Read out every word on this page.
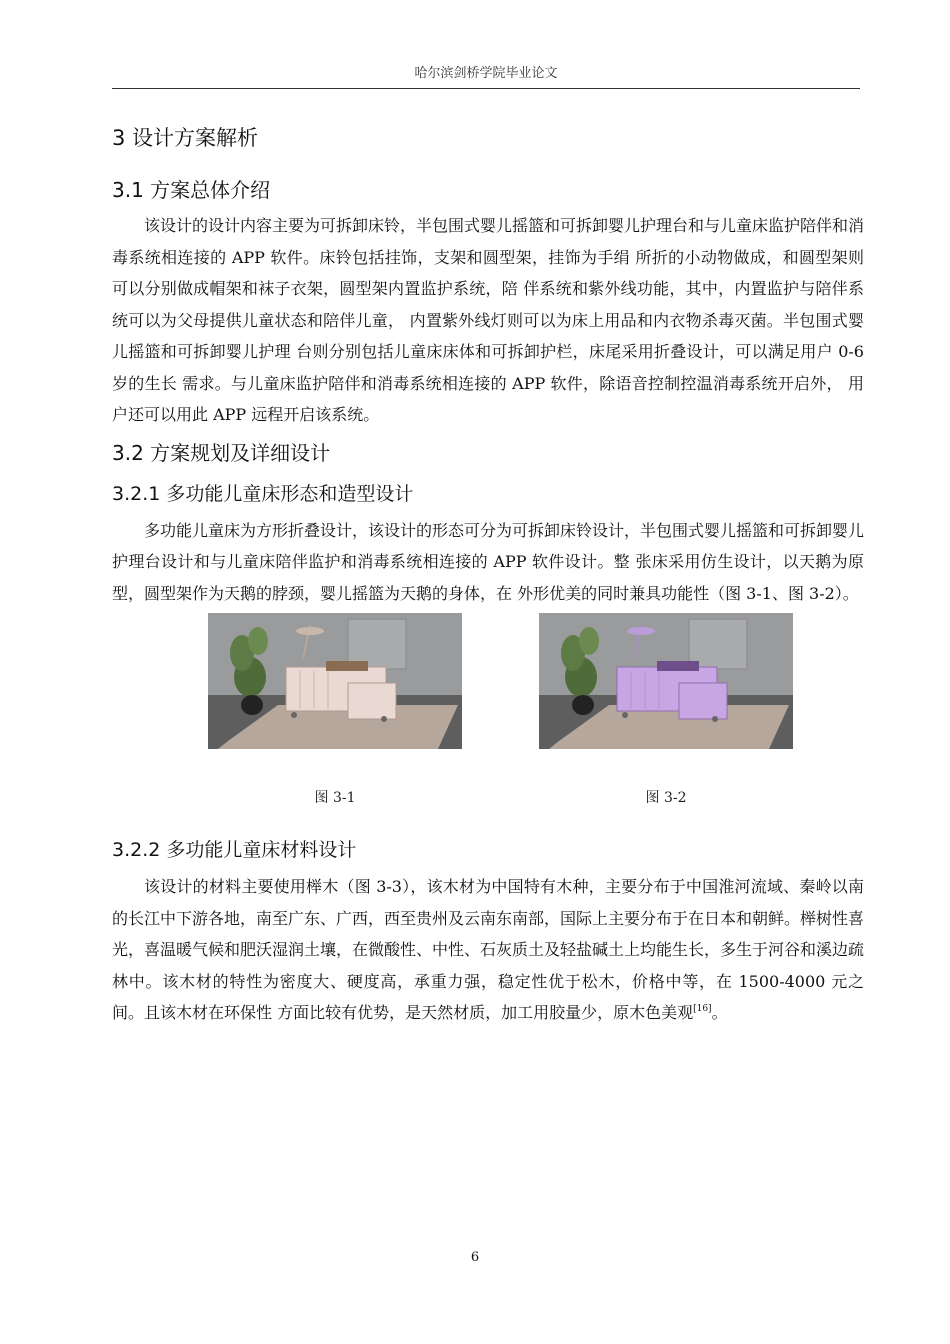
哈尔滨剑桥学院毕业论文
3 设计方案解析
3.1 方案总体介绍

该设计的设计内容主要为可拆卸床铃，半包围式婴儿摇篮和可拆卸婴儿护理台和与儿童床监护陪伴和消毒系统相连接的 APP 软件。床铃包括挂饰，支架和圆型架，挂饰为手绢 所折的小动物做成，和圆型架则可以分别做成帽架和袜子衣架，圆型架内置监护系统，陪 伴系统和紫外线功能，其中，内置监护与陪伴系统可以为父母提供儿童状态和陪伴儿童， 内置紫外线灯则可以为床上用品和内衣物杀毒灭菌。半包围式婴儿摇篮和可拆卸婴儿护理 台则分别包括儿童床床体和可拆卸护栏，床尾采用折叠设计，可以满足用户 0-6 岁的生长 需求。与儿童床监护陪伴和消毒系统相连接的 APP 软件，除语音控制控温消毒系统开启外， 用户还可以用此 APP 远程开启该系统。

3.2 方案规划及详细设计
3.2.1 多功能儿童床形态和造型设计

多功能儿童床为方形折叠设计，该设计的形态可分为可拆卸床铃设计，半包围式婴儿摇篮和可拆卸婴儿护理台设计和与儿童床陪伴监护和消毒系统相连接的 APP 软件设计。整 张床采用仿生设计，以天鹅为原型，圆型架作为天鹅的脖颈，婴儿摇篮为天鹅的身体，在 外形优美的同时兼具功能性（图 3-1、图 3-2）。

图 3-1	图 3-2
3.2.2 多功能儿童床材料设计

该设计的材料主要使用榉木（图 3-3），该木材为中国特有木种，主要分布于中国淮河流域、秦岭以南的长江中下游各地，南至广东、广西，西至贵州及云南东南部，国际上主要分布于在日本和朝鲜。榉树性喜光，喜温暖气候和肥沃湿润土壤，在微酸性、中性、石灰质土及轻盐碱土上均能生长，多生于河谷和溪边疏林中。该木材的特性为密度大、硬度高，承重力强，稳定性优于松木，价格中等，在 1500-4000 元之间。且该木材在环保性 方面比较有优势，是天然材质，加工用胶量少，原木色美观[16]。

6
